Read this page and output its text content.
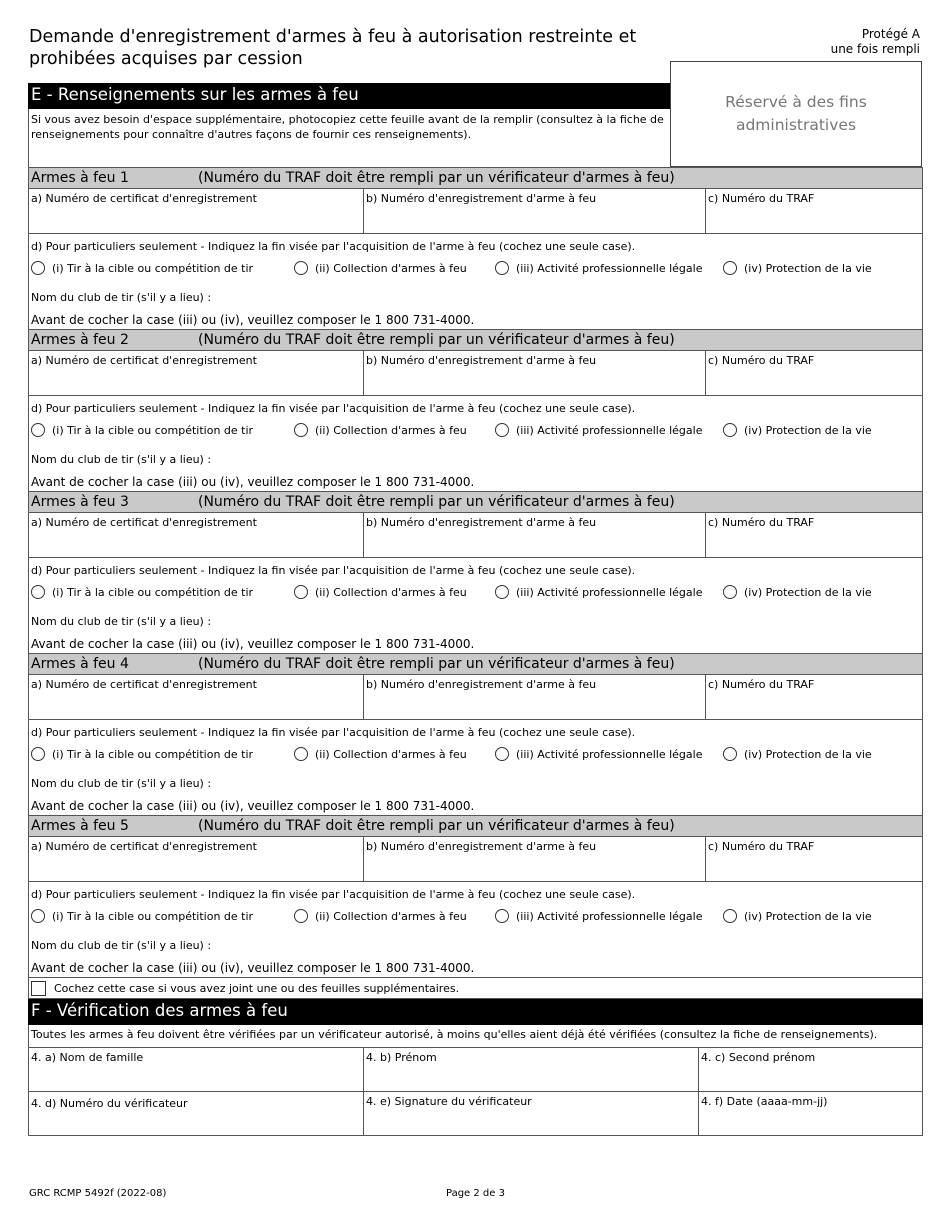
Demande d'enregistrement d'armes à feu à autorisation restreinte et prohibées acquises par cession
Protégé A
une fois rempli
Réservé à des fins administratives
E - Renseignements sur les armes à feu
Si vous avez besoin d'espace supplémentaire, photocopiez cette feuille avant de la remplir (consultez à la fiche de renseignements pour connaître d'autres façons de fournir ces renseignements).
Armes à feu 1	(Numéro du TRAF doit être rempli par un vérificateur d'armes à feu)
a) Numéro de certificat d'enregistrement	b) Numéro d'enregistrement d'arme à feu	c) Numéro du TRAF
d) Pour particuliers seulement - Indiquez la fin visée par l'acquisition de l'arme à feu (cochez une seule case).
(i) Tir à la cible ou compétition de tir	(ii) Collection d'armes à feu	(iii) Activité professionnelle légale	(iv) Protection de la vie
Nom du club de tir (s'il y a lieu) :
Avant de cocher la case (iii) ou (iv), veuillez composer le 1 800 731-4000.
Armes à feu 2	(Numéro du TRAF doit être rempli par un vérificateur d'armes à feu)
a) Numéro de certificat d'enregistrement	b) Numéro d'enregistrement d'arme à feu	c) Numéro du TRAF
d) Pour particuliers seulement - Indiquez la fin visée par l'acquisition de l'arme à feu (cochez une seule case).
(i) Tir à la cible ou compétition de tir	(ii) Collection d'armes à feu	(iii) Activité professionnelle légale	(iv) Protection de la vie
Nom du club de tir (s'il y a lieu) :
Avant de cocher la case (iii) ou (iv), veuillez composer le 1 800 731-4000.
Armes à feu 3	(Numéro du TRAF doit être rempli par un vérificateur d'armes à feu)
a) Numéro de certificat d'enregistrement	b) Numéro d'enregistrement d'arme à feu	c) Numéro du TRAF
d) Pour particuliers seulement - Indiquez la fin visée par l'acquisition de l'arme à feu (cochez une seule case).
(i) Tir à la cible ou compétition de tir	(ii) Collection d'armes à feu	(iii) Activité professionnelle légale	(iv) Protection de la vie
Nom du club de tir (s'il y a lieu) :
Avant de cocher la case (iii) ou (iv), veuillez composer le 1 800 731-4000.
Armes à feu 4	(Numéro du TRAF doit être rempli par un vérificateur d'armes à feu)
a) Numéro de certificat d'enregistrement	b) Numéro d'enregistrement d'arme à feu	c) Numéro du TRAF
d) Pour particuliers seulement - Indiquez la fin visée par l'acquisition de l'arme à feu (cochez une seule case).
(i) Tir à la cible ou compétition de tir	(ii) Collection d'armes à feu	(iii) Activité professionnelle légale	(iv) Protection de la vie
Nom du club de tir (s'il y a lieu) :
Avant de cocher la case (iii) ou (iv), veuillez composer le 1 800 731-4000.
Armes à feu 5	(Numéro du TRAF doit être rempli par un vérificateur d'armes à feu)
a) Numéro de certificat d'enregistrement	b) Numéro d'enregistrement d'arme à feu	c) Numéro du TRAF
d) Pour particuliers seulement - Indiquez la fin visée par l'acquisition de l'arme à feu (cochez une seule case).
(i) Tir à la cible ou compétition de tir	(ii) Collection d'armes à feu	(iii) Activité professionnelle légale	(iv) Protection de la vie
Nom du club de tir (s'il y a lieu) :
Avant de cocher la case (iii) ou (iv), veuillez composer le 1 800 731-4000.
Cochez cette case si vous avez joint une ou des feuilles supplémentaires.
F - Vérification des armes à feu
Toutes les armes à feu doivent être vérifiées par un vérificateur autorisé, à moins qu'elles aient déjà été vérifiées (consultez la fiche de renseignements).
4. a) Nom de famille	4. b) Prénom	4. c) Second prénom
4. d) Numéro du vérificateur	4. e) Signature du vérificateur	4. f) Date (aaaa-mm-jj)
GRC RCMP 5492f (2022-08)	Page 2 de 3
